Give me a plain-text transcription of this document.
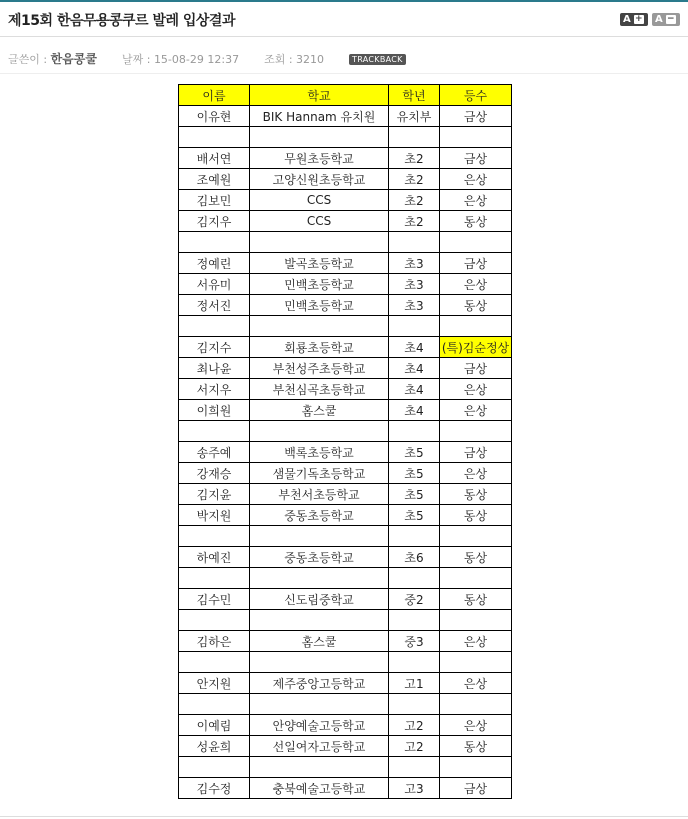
제15회 한음무용콩쿠르 발레 입상결과	A +	A −
글쓴이 : 한음콩쿨 날짜 : 15-08-29 12:37 조회 : 3210	TRACKBACK
이름	학교	학년	등수
이유현	BIK Hannam 유치원	유치부	금상

배서연	무원초등학교	초2	금상
조예원	고양신원초등학교	초2	은상
김보민	CCS	초2	은상
김지우	CCS	초2	동상

정예린	발곡초등학교	초3	금상
서유미	민백초등학교	초3	은상
정서진	민백초등학교	초3	동상

김지수	회룡초등학교	초4	(특)김순정상
최나윤	부천성주초등학교	초4	금상
서지우	부천심곡초등학교	초4	은상
이희원	홈스쿨	초4	은상

송주예	백록초등학교	초5	금상
강재승	샘물기독초등학교	초5	은상
김지윤	부천서초등학교	초5	동상
박지원	중동초등학교	초5	동상

하예진	중동초등학교	초6	동상

김수민	신도림중학교	중2	동상

김하은	홈스쿨	중3	은상

안지원	제주중앙고등학교	고1	은상

이예림	안양예술고등학교	고2	은상
성윤희	선일여자고등학교	고2	동상

김수정	충북예술고등학교	고3	금상
